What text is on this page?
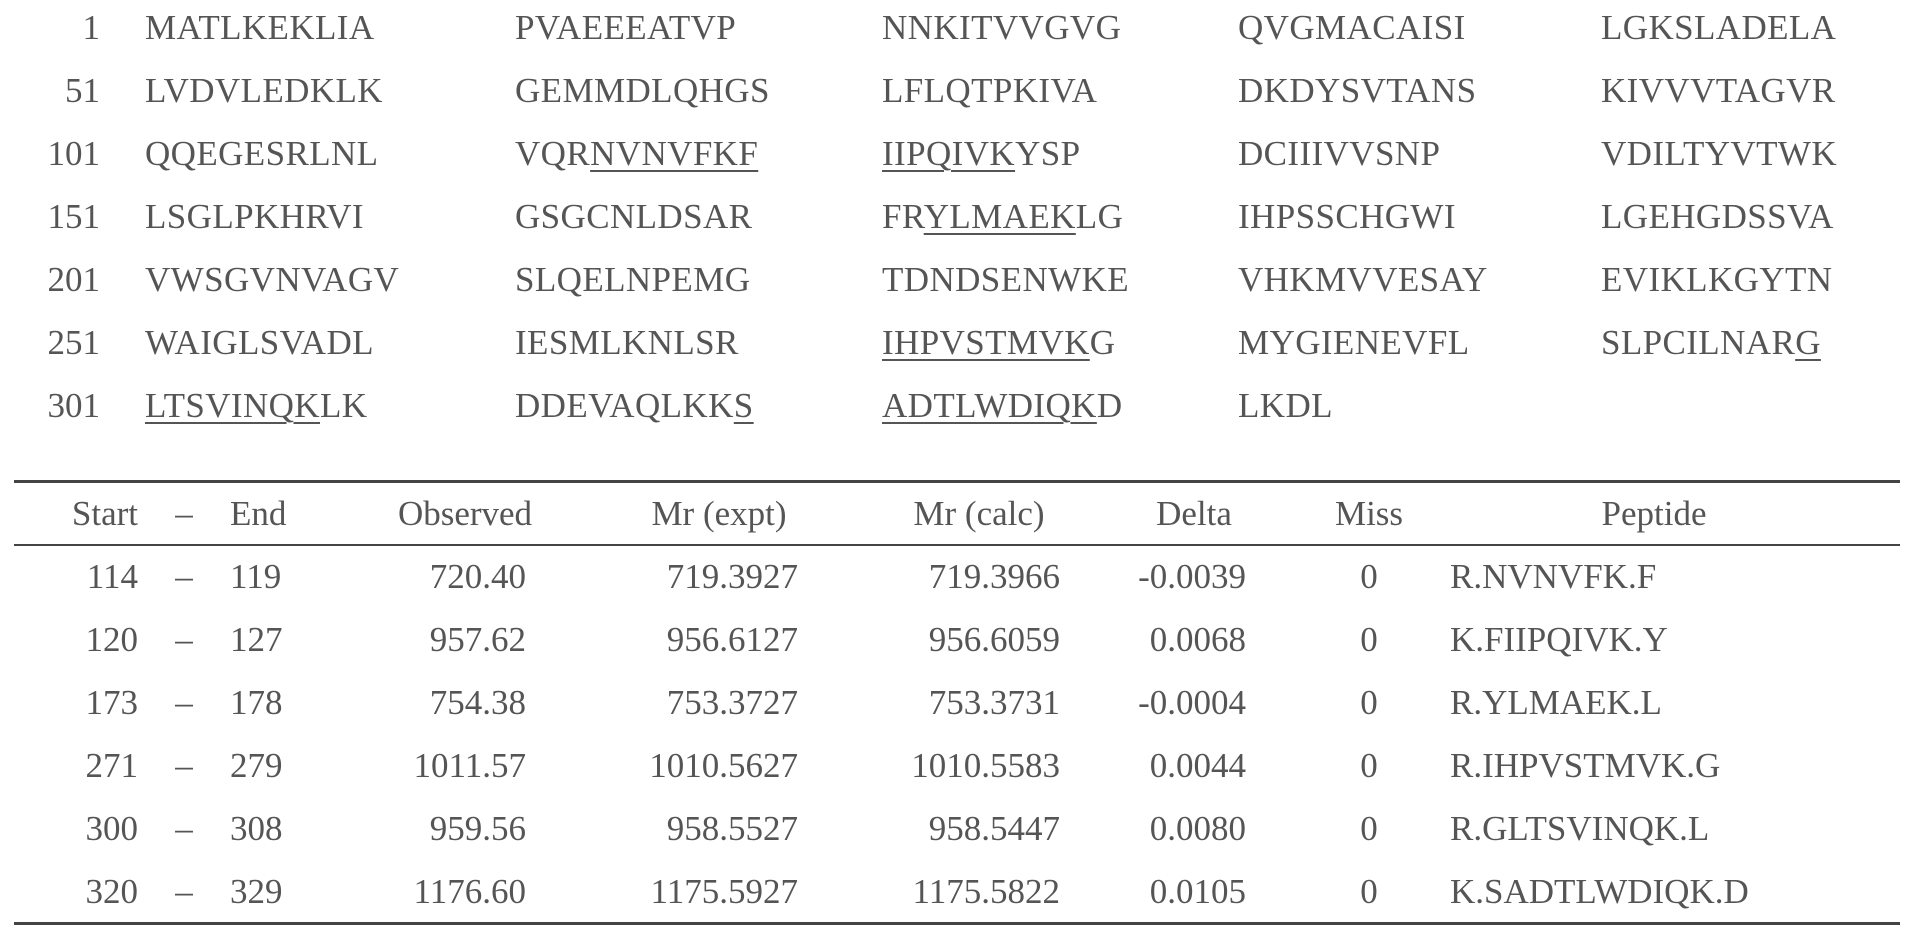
1 MATLKEKLIA	PVAEEEATVP	NNKITVVGVG	QVGMACAISI	LGKSLADELA
51 LVDVLEDKLK	GEMMDLQHGS	LFLQTPKIVA	DKDYSVTANS	KIVVVTAGVR
101 QQEGESRLNL	VQRNVNVFKF	IIPQIVKYSP	DCIIIVVSNP	VDILTYVTWK
151 LSGLPKHRVI	GSGCNLDSAR	FRYLMAEKLG	IHPSSCHGWI	LGEHGDSSVA
201 VWSGVNVAGV	SLQELNPEMG	TDNDSENWKE	VHKMVVESAY	EVIKLKGYTN
251 WAIGLSVADL	IESMLKNLSR	IHPVSTMVKG	MYGIENEVFL	SLPCILNARG
301 LTSVINQKLK	DDEVAQLKKS	ADTLWDIQKD	LKDL
Start	–	End	Observed	Mr (expt)	Mr (calc)	Delta	Miss	Peptide
114	–	119	720.40	719.3927	719.3966	-0.0039	0	R.NVNVFK.F
120	–	127	957.62	956.6127	956.6059	0.0068	0	K.FIIPQIVK.Y
173	–	178	754.38	753.3727	753.3731	-0.0004	0	R.YLMAEK.L
271	–	279	1011.57	1010.5627	1010.5583	0.0044	0	R.IHPVSTMVK.G
300	–	308	959.56	958.5527	958.5447	0.0080	0	R.GLTSVINQK.L
320	–	329	1176.60	1175.5927	1175.5822	0.0105	0	K.SADTLWDIQK.D
